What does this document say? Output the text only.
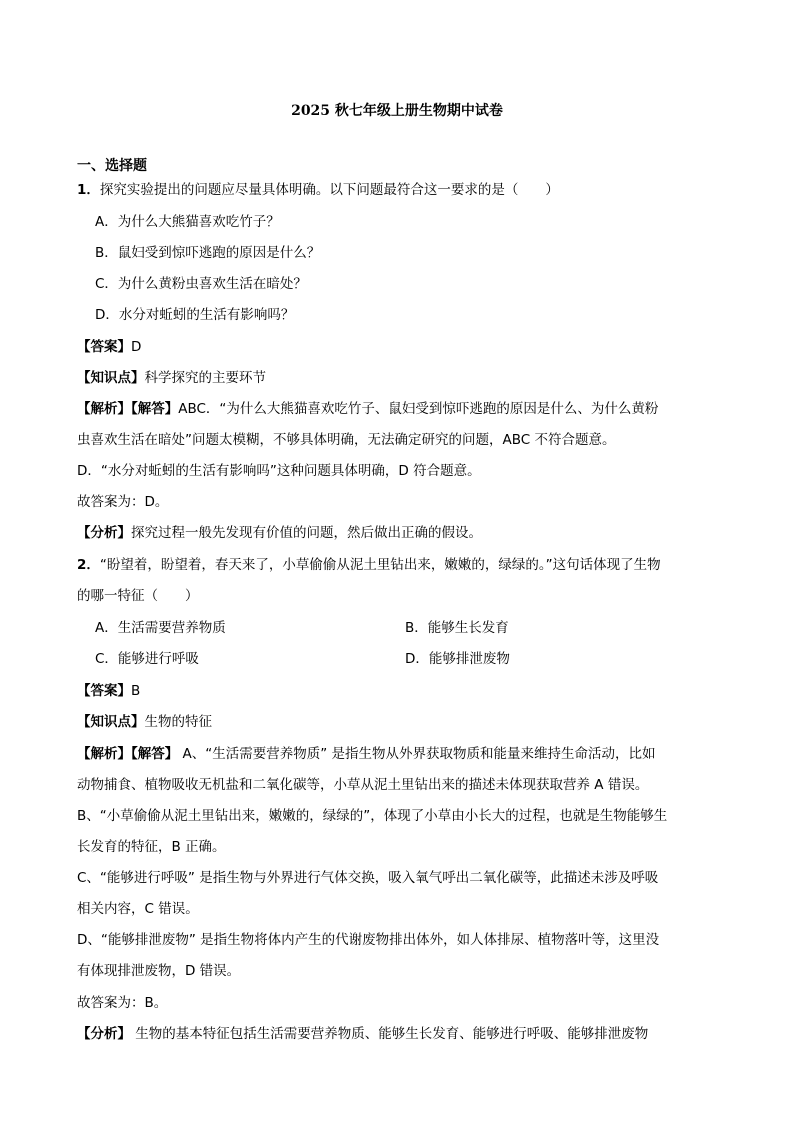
2025 秋七年级上册生物期中试卷
一、选择题
1．探究实验提出的问题应尽量具体明确。以下问题最符合这一要求的是（　　）
A．为什么大熊猫喜欢吃竹子？
B．鼠妇受到惊吓逃跑的原因是什么？
C．为什么黄粉虫喜欢生活在暗处？
D．水分对蚯蚓的生活有影响吗？
【答案】D
【知识点】科学探究的主要环节
【解析】【解答】ABC．“为什么大熊猫喜欢吃竹子、鼠妇受到惊吓逃跑的原因是什么、为什么黄粉
虫喜欢生活在暗处”问题太模糊，不够具体明确，无法确定研究的问题，ABC 不符合题意。
D．“水分对蚯蚓的生活有影响吗”这种问题具体明确，D 符合题意。
故答案为：D。
【分析】探究过程一般先发现有价值的问题，然后做出正确的假设。
2．“盼望着，盼望着，春天来了，小草偷偷从泥土里钻出来，嫩嫩的，绿绿的。”这句话体现了生物
的哪一特征（　　）
A．生活需要营养物质	B．能够生长发育
C．能够进行呼吸	D．能够排泄废物
【答案】B
【知识点】生物的特征
【解析】【解答】 A、“生活需要营养物质” 是指生物从外界获取物质和能量来维持生命活动，比如
动物捕食、植物吸收无机盐和二氧化碳等，小草从泥土里钻出来的描述未体现获取营养 A 错误。
B、“小草偷偷从泥土里钻出来，嫩嫩的，绿绿的”，体现了小草由小长大的过程，也就是生物能够生
长发育的特征，B 正确。
C、“能够进行呼吸” 是指生物与外界进行气体交换，吸入氧气呼出二氧化碳等，此描述未涉及呼吸
相关内容，C 错误。
D、“能够排泄废物” 是指生物将体内产生的代谢废物排出体外，如人体排尿、植物落叶等，这里没
有体现排泄废物，D 错误。
故答案为：B。
【分析】 生物的基本特征包括生活需要营养物质、能够生长发育、能够进行呼吸、能够排泄废物
